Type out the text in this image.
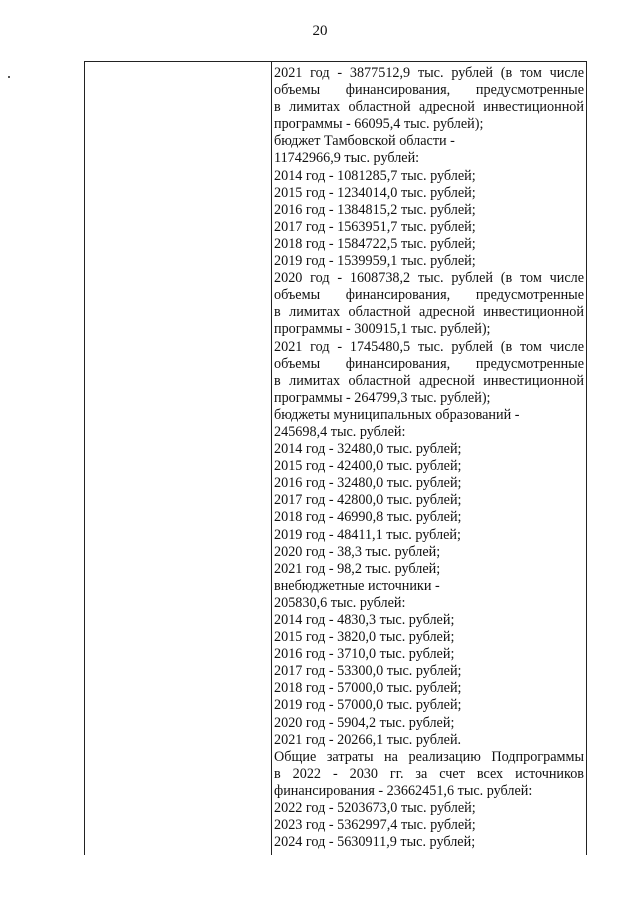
20
2021 год - 3877512,9 тыс. рублей (в том числе
объемы финансирования, предусмотренные
в лимитах областной адресной инвестиционной
программы - 66095,4 тыс. рублей);
бюджет Тамбовской области -
11742966,9 тыс. рублей:
2014 год - 1081285,7 тыс. рублей;
2015 год - 1234014,0 тыс. рублей;
2016 год - 1384815,2 тыс. рублей;
2017 год - 1563951,7 тыс. рублей;
2018 год - 1584722,5 тыс. рублей;
2019 год - 1539959,1 тыс. рублей;
2020 год - 1608738,2 тыс. рублей (в том числе
объемы финансирования, предусмотренные
в лимитах областной адресной инвестиционной
программы - 300915,1 тыс. рублей);
2021 год - 1745480,5 тыс. рублей (в том числе
объемы финансирования, предусмотренные
в лимитах областной адресной инвестиционной
программы - 264799,3 тыс. рублей);
бюджеты муниципальных образований -
245698,4 тыс. рублей:
2014 год - 32480,0 тыс. рублей;
2015 год - 42400,0 тыс. рублей;
2016 год - 32480,0 тыс. рублей;
2017 год - 42800,0 тыс. рублей;
2018 год - 46990,8 тыс. рублей;
2019 год - 48411,1 тыс. рублей;
2020 год - 38,3 тыс. рублей;
2021 год - 98,2 тыс. рублей;
внебюджетные источники -
205830,6 тыс. рублей:
2014 год - 4830,3 тыс. рублей;
2015 год - 3820,0 тыс. рублей;
2016 год - 3710,0 тыс. рублей;
2017 год - 53300,0 тыс. рублей;
2018 год - 57000,0 тыс. рублей;
2019 год - 57000,0 тыс. рублей;
2020 год - 5904,2 тыс. рублей;
2021 год - 20266,1 тыс. рублей.
Общие затраты на реализацию Подпрограммы
в 2022 - 2030 гг. за счет всех источников
финансирования - 23662451,6 тыс. рублей:
2022 год - 5203673,0 тыс. рублей;
2023 год - 5362997,4 тыс. рублей;
2024 год - 5630911,9 тыс. рублей;
